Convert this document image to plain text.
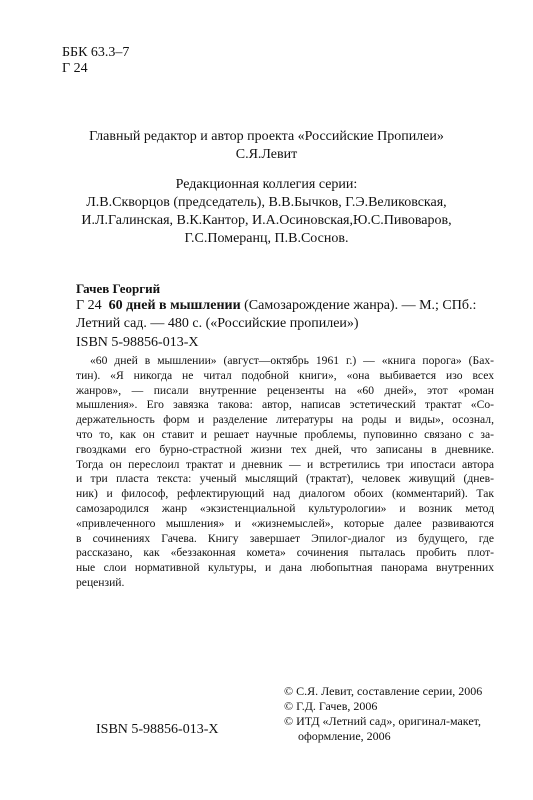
ББК 63.3–7
Г 24
Главный редактор и автор проекта «Российские Пропилеи»
С.Я.Левит
Редакционная коллегия серии:
Л.В.Скворцов (председатель), В.В.Бычков, Г.Э.Великовская,
И.Л.Галинская, В.К.Кантор, И.А.Осиновская,Ю.С.Пивоваров,
Г.С.Померанц, П.В.Соснов.
Гачев Георгий
Г 24 60 дней в мышлении (Самозарождение жанра). — М.; СПб.:
Летний сад. — 480 с. («Российские пропилеи»)
ISBN 5-98856-013-X
«60 дней в мышлении» (август—октябрь 1961 г.) — «книга порога» (Бах-
тин). «Я никогда не читал подобной книги», «она выбивается изо всех
жанров», — писали внутренние рецензенты на «60 дней», этот «роман
мышления». Его завязка такова: автор, написав эстетический трактат «Со-
держательность форм и разделение литературы на роды и виды», осознал,
что то, как он ставит и решает научные проблемы, пуповинно связано с за-
гвоздками его бурно-страстной жизни тех дней, что записаны в дневнике.
Тогда он переслоил трактат и дневник — и встретились три ипостаси автора
и три пласта текста: ученый мыслящий (трактат), человек живущий (днев-
ник) и философ, рефлектирующий над диалогом обоих (комментарий). Так
самозародился жанр «экзистенциальной культурологии» и возник метод
«привлеченного мышления» и «жизнемыслей», которые далее развиваются
в сочинениях Гачева. Книгу завершает Эпилог-диалог из будущего, где
рассказано, как «беззаконная комета» сочинения пыталась пробить плот-
ные слои нормативной культуры, и дана любопытная панорама внутренних
рецензий.
© С.Я. Левит, составление серии, 2006
© Г.Д. Гачев, 2006
© ИТД «Летний сад», оригинал-макет,
оформление, 2006
ISBN 5-98856-013-X
